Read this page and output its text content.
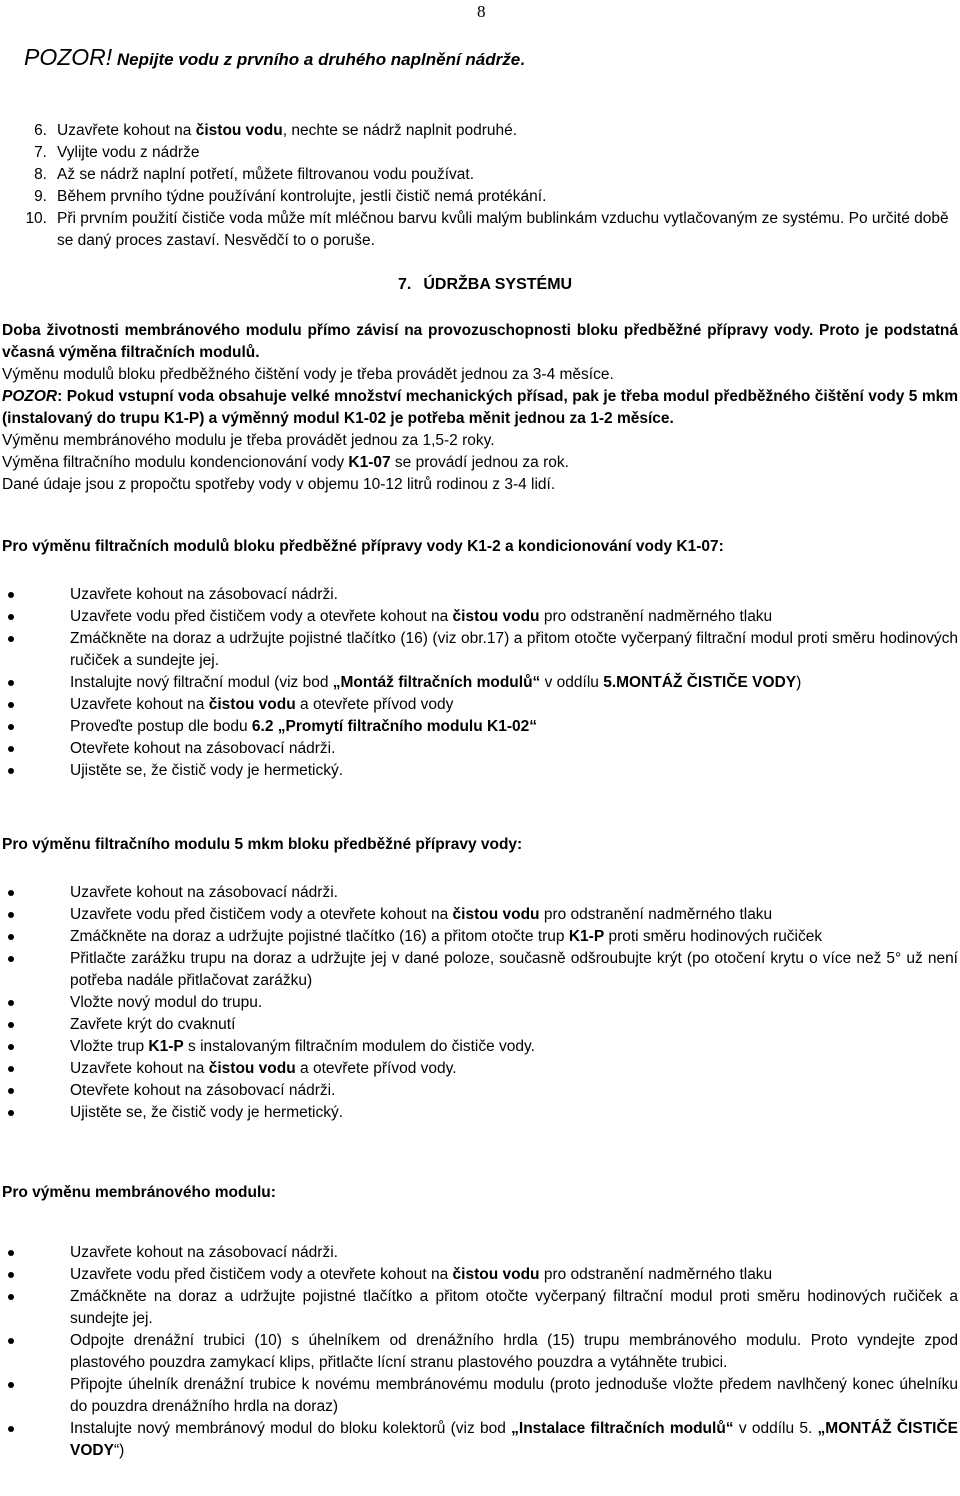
8
POZOR! Nepijte vodu z prvního a druhého naplnění nádrže.
6. Uzavřete kohout na čistou vodu, nechte se nádrž naplnit podruhé.
7. Vylijte vodu z nádrže
8. Až se nádrž naplní potřetí, můžete filtrovanou vodu používat.
9. Během prvního týdne používání kontrolujte, jestli čistič nemá protékání.
10. Při prvním použití čističe voda může mít mléčnou barvu kvůli malým bublinkám vzduchu vytlačovaným ze systému. Po určité době se daný proces zastaví. Nesvědčí to o poruše.
7. ÚDRŽBA SYSTÉMU

Doba životnosti membránového modulu přímo závisí na provozuschopnosti bloku předběžné přípravy vody. Proto je podstatná včasná výměna filtračních modulů.

Výměnu modulů bloku předběžného čištění vody je třeba provádět jednou za 3-4 měsíce.

POZOR: Pokud vstupní voda obsahuje velké množství mechanických přísad, pak je třeba modul předběžného čištění vody 5 mkm (instalovaný do trupu K1-P) a výměnný modul K1-02 je potřeba měnit jednou za 1-2 měsíce.

Výměnu membránového modulu je třeba provádět jednou za 1,5-2 roky.

Výměna filtračního modulu kondencionování vody K1-07 se provádí jednou za rok.

Dané údaje jsou z propočtu spotřeby vody v objemu 10-12 litrů rodinou z 3-4 lidí.

Pro výměnu filtračních modulů bloku předběžné přípravy vody K1-2 a kondicionování vody K1-07:
Uzavřete kohout na zásobovací nádrži.
Uzavřete vodu před čističem vody a otevřete kohout na čistou vodu pro odstranění nadměrného tlaku
Zmáčkněte na doraz a udržujte pojistné tlačítko (16) (viz obr.17) a přitom otočte vyčerpaný filtrační modul proti směru hodinových ručiček a sundejte jej.
Instalujte nový filtrační modul (viz bod „Montáž filtračních modulů“ v oddílu 5.MONTÁŽ ČISTIČE VODY)
Uzavřete kohout na čistou vodu a otevřete přívod vody
Proveďte postup dle bodu 6.2 „Promytí filtračního modulu K1-02“
Otevřete kohout na zásobovací nádrži.
Ujistěte se, že čistič vody je hermetický.
Pro výměnu filtračního modulu 5 mkm bloku předběžné přípravy vody:
Uzavřete kohout na zásobovací nádrži.
Uzavřete vodu před čističem vody a otevřete kohout na čistou vodu pro odstranění nadměrného tlaku
Zmáčkněte na doraz a udržujte pojistné tlačítko (16) a přitom otočte trup K1-P proti směru hodinových ručiček
Přitlačte zarážku trupu na doraz a udržujte jej v dané poloze, současně odšroubujte krýt (po otočení krytu o více než 5° už není potřeba nadále přitlačovat zarážku)
Vložte nový modul do trupu.
Zavřete krýt do cvaknutí
Vložte trup K1-P s instalovaným filtračním modulem do čističe vody.
Uzavřete kohout na čistou vodu a otevřete přívod vody.
Otevřete kohout na zásobovací nádrži.
Ujistěte se, že čistič vody je hermetický.
Pro výměnu membránového modulu:
Uzavřete kohout na zásobovací nádrži.
Uzavřete vodu před čističem vody a otevřete kohout na čistou vodu pro odstranění nadměrného tlaku
Zmáčkněte na doraz a udržujte pojistné tlačítko a přitom otočte vyčerpaný filtrační modul proti směru hodinových ručiček a sundejte jej.
Odpojte drenážní trubici (10) s úhelníkem od drenážního hrdla (15) trupu membránového modulu. Proto vyndejte zpod plastového pouzdra zamykací klips, přitlačte lícní stranu plastového pouzdra a vytáhněte trubici.
Připojte úhelník drenážní trubice k novému membránovému modulu (proto jednoduše vložte předem navlhčený konec úhelníku do pouzdra drenážního hrdla na doraz)
Instalujte nový membránový modul do bloku kolektorů (viz bod „Instalace filtračních modulů“ v oddílu 5. „MONTÁŽ ČISTIČE VODY“)
